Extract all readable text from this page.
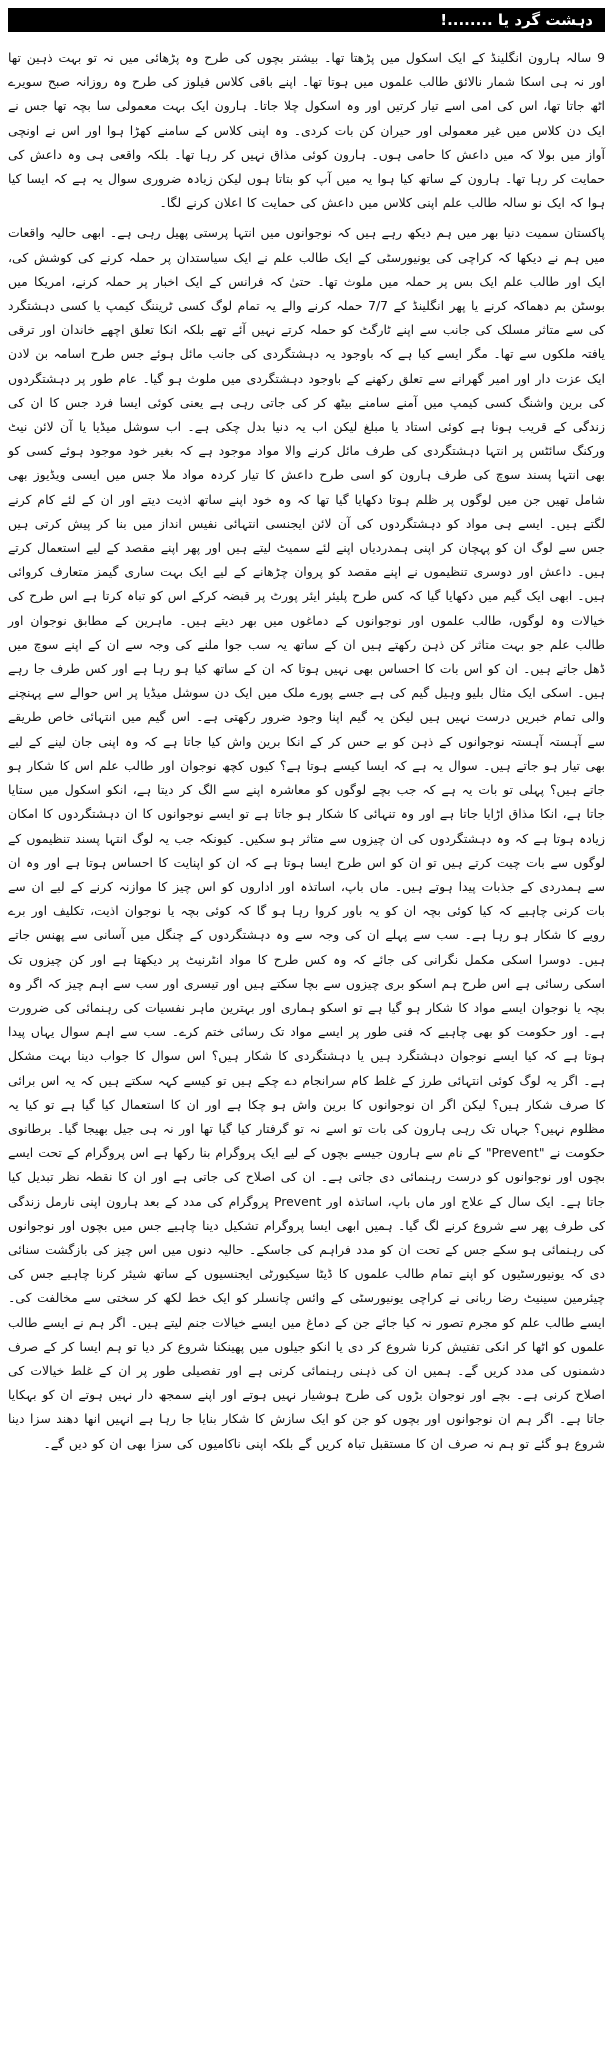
دہشت گرد یا ........!

9 سالہ ہارون انگلینڈ کے ایک اسکول میں پڑھتا تھا۔ بیشتر بچوں کی طرح وہ پڑھائی میں نہ تو بہت ذہین تھا اور نہ ہی اسکا شمار نالائق طالب علموں میں ہوتا تھا۔ اپنے باقی کلاس فیلوز کی طرح وہ روزانہ صبح سویرے اٹھ جاتا تھا، اس کی امی اسے تیار کرتیں اور وہ اسکول چلا جاتا۔ ہارون ایک بہت معمولی سا بچہ تھا جس نے ایک دن کلاس میں غیر معمولی اور حیران کن بات کردی۔ وہ اپنی کلاس کے سامنے کھڑا ہوا اور اس نے اونچی آواز میں بولا کہ میں داعش کا حامی ہوں۔ ہارون کوئی مذاق نہیں کر رہا تھا۔ بلکہ واقعی ہی وہ داعش کی حمایت کر رہا تھا۔ ہارون کے ساتھ کیا ہوا یہ میں آپ کو بتاتا ہوں لیکن زیادہ ضروری سوال یہ ہے کہ ایسا کیا ہوا کہ ایک نو سالہ طالب علم اپنی کلاس میں داعش کی حمایت کا اعلان کرنے لگا۔

پاکستان سمیت دنیا بھر میں ہم دیکھ رہے ہیں کہ نوجوانوں میں انتہا پرستی پھیل رہی ہے۔ ابھی حالیہ واقعات میں ہم نے دیکھا کہ کراچی کی یونیورسٹی کے ایک طالب علم نے ایک سیاستدان پر حملہ کرنے کی کوشش کی، ایک اور طالب علم ایک بس پر حملہ میں ملوث تھا۔ حتیٰ کہ فرانس کے ایک اخبار پر حملہ کرنے، امریکا میں بوسٹن بم دھماکہ کرنے یا پھر انگلینڈ کے 7/7 حملہ کرنے والے یہ تمام لوگ کسی ٹریننگ کیمپ یا کسی دہشتگرد کی سے متاثر مسلک کی جانب سے اپنے ٹارگٹ کو حملہ کرتے نہیں آئے تھے بلکہ انکا تعلق اچھے خاندان اور ترقی یافتہ ملکوں سے تھا۔ مگر ایسے کیا ہے کہ باوجود یہ دہشتگردی کی جانب مائل ہوئے جس طرح اسامہ بن لادن ایک عزت دار اور امیر گھرانے سے تعلق رکھنے کے باوجود دہشتگردی میں ملوث ہو گیا۔ عام طور پر دہشتگردوں کی برین واشنگ کسی کیمپ میں آمنے سامنے بیٹھ کر کی جاتی رہی ہے یعنی کوئی ایسا فرد جس کا ان کی زندگی کے قریب ہونا ہے کوئی استاد یا مبلغ لیکن اب یہ دنیا بدل چکی ہے۔ اب سوشل میڈیا یا آن لائن نیٹ ورکنگ سائٹس پر انتہا دہشتگردی کی طرف مائل کرنے والا مواد موجود ہے کہ بغیر خود موجود ہوئے کسی کو بھی انتہا پسند سوچ کی طرف ہارون کو اسی طرح داعش کا تیار کردہ مواد ملا جس میں ایسی ویڈیوز بھی شامل تھیں جن میں لوگوں پر ظلم ہوتا دکھایا گیا تھا کہ وہ خود اپنے ساتھ اذیت دیتے اور ان کے لئے کام کرنے لگتے ہیں۔ ایسے ہی مواد کو دہشتگردوں کی آن لائن ایجنسی انتہائی نفیس انداز میں بنا کر پیش کرتی ہیں جس سے لوگ ان کو پہچان کر اپنی ہمدردیاں اپنے لئے سمیٹ لیتے ہیں اور پھر اپنے مقصد کے لیے استعمال کرتے ہیں۔ داعش اور دوسری تنظیموں نے اپنے مقصد کو پروان چڑھانے کے لیے ایک بہت ساری گیمز متعارف کروائی ہیں۔ ابھی ایک گیم میں دکھایا گیا کہ کس طرح پلیئر ایئر پورٹ پر قبضہ کرکے اس کو تباہ کرتا ہے اس طرح کی خیالات وہ لوگوں، طالب علموں اور نوجوانوں کے دماغوں میں بھر دیتے ہیں۔ ماہرین کے مطابق نوجوان اور طالب علم جو بہت متاثر کن ذہن رکھتے ہیں ان کے ساتھ یہ سب جوا ملنے کی وجہ سے ان کے اپنے سوچ میں ڈھل جاتے ہیں۔ ان کو اس بات کا احساس بھی نہیں ہوتا کہ ان کے ساتھ کیا ہو رہا ہے اور کس طرف جا رہے ہیں۔ اسکی ایک مثال بلیو وہیل گیم کی ہے جسے پورے ملک میں ایک دن سوشل میڈیا پر اس حوالے سے پہنچنے والی تمام خبریں درست نہیں ہیں لیکن یہ گیم اپنا وجود ضرور رکھتی ہے۔ اس گیم میں انتہائی خاص طریقے سے آہستہ آہستہ نوجوانوں کے ذہن کو بے حس کر کے انکا برین واش کیا جاتا ہے کہ وہ اپنی جان لینے کے لیے بھی تیار ہو جاتے ہیں۔ سوال یہ ہے کہ ایسا کیسے ہوتا ہے؟ کیوں کچھ نوجوان اور طالب علم اس کا شکار ہو جاتے ہیں؟ پہلی تو بات یہ ہے کہ جب بچے لوگوں کو معاشرہ اپنے سے الگ کر دیتا ہے، انکو اسکول میں ستایا جاتا ہے، انکا مذاق اڑایا جاتا ہے اور وہ تنہائی کا شکار ہو جاتا ہے تو ایسے نوجوانوں کا ان دہشتگردوں کا امکان زیادہ ہوتا ہے کہ وہ دہشتگردوں کی ان چیزوں سے متاثر ہو سکیں۔ کیونکہ جب یہ لوگ انتہا پسند تنظیموں کے لوگوں سے بات چیت کرتے ہیں تو ان کو اس طرح ایسا ہوتا ہے کہ ان کو اپنایت کا احساس ہوتا ہے اور وہ ان سے ہمدردی کے جذبات پیدا ہوتے ہیں۔ ماں باپ، اساتذہ اور اداروں کو اس چیز کا موازنہ کرنے کے لیے ان سے بات کرنی چاہیے کہ کیا کوئی بچہ ان کو یہ باور کروا رہا ہو گا کہ کوئی بچہ یا نوجوان اذیت، تکلیف اور برے رویے کا شکار ہو رہا ہے۔ سب سے پہلے ان کی وجہ سے وہ دہشتگردوں کے چنگل میں آسانی سے پھنس جاتے ہیں۔ دوسرا اسکی مکمل نگرانی کی جائے کہ وہ کس طرح کا مواد انٹرنیٹ پر دیکھتا ہے اور کن چیزوں تک اسکی رسائی ہے اس طرح ہم اسکو بری چیزوں سے بچا سکتے ہیں اور تیسری اور سب سے اہم چیز کہ اگر وہ بچہ یا نوجوان ایسے مواد کا شکار ہو گیا ہے تو اسکو ہماری اور بہترین ماہر نفسیات کی رہنمائی کی ضرورت ہے۔ اور حکومت کو بھی چاہیے کہ فنی طور پر ایسے مواد تک رسائی ختم کرے۔ سب سے اہم سوال یہاں پیدا ہوتا ہے کہ کیا ایسے نوجوان دہشتگرد ہیں یا دہشتگردی کا شکار ہیں؟ اس سوال کا جواب دینا بہت مشکل ہے۔ اگر یہ لوگ کوئی انتہائی طرز کے غلط کام سرانجام دے چکے ہیں تو کیسے کہہ سکتے ہیں کہ یہ اس برائی کا صرف شکار ہیں؟ لیکن اگر ان نوجوانوں کا برین واش ہو چکا ہے اور ان کا استعمال کیا گیا ہے تو کیا یہ مظلوم نہیں؟ جہاں تک رہی ہارون کی بات تو اسے نہ تو گرفتار کیا گیا تھا اور نہ ہی جیل بھیجا گیا۔ برطانوی حکومت نے "Prevent" کے نام سے ہارون جیسے بچوں کے لیے ایک پروگرام بنا رکھا ہے اس پروگرام کے تحت ایسے بچوں اور نوجوانوں کو درست رہنمائی دی جاتی ہے۔ ان کی اصلاح کی جاتی ہے اور ان کا نقطہ نظر تبدیل کیا جاتا ہے۔ ایک سال کے علاج اور ماں باپ، اساتذہ اور Prevent پروگرام کی مدد کے بعد ہارون اپنی نارمل زندگی کی طرف پھر سے شروع کرنے لگ گیا۔ ہمیں ابھی ایسا پروگرام تشکیل دینا چاہیے جس میں بچوں اور نوجوانوں کی رہنمائی ہو سکے جس کے تحت ان کو مدد فراہم کی جاسکے۔ حالیہ دنوں میں اس چیز کی بازگشت سنائی دی کہ یونیورسٹیوں کو اپنے تمام طالب علموں کا ڈیٹا سیکیورٹی ایجنسیوں کے ساتھ شیئر کرنا چاہیے جس کی چیئرمین سینیٹ رضا ربانی نے کراچی یونیورسٹی کے وائس چانسلر کو ایک خط لکھ کر سختی سے مخالفت کی۔ ایسے طالب علم کو مجرم تصور نہ کیا جائے جن کے دماغ میں ایسے خیالات جنم لیتے ہیں۔ اگر ہم نے ایسے طالب علموں کو اٹھا کر انکی تفتیش کرنا شروع کر دی یا انکو جیلوں میں پھینکنا شروع کر دیا تو ہم ایسا کر کے صرف دشمنوں کی مدد کریں گے۔ ہمیں ان کی ذہنی رہنمائی کرنی ہے اور تفصیلی طور پر ان کے غلط خیالات کی اصلاح کرنی ہے۔ بچے اور نوجوان بڑوں کی طرح ہوشیار نہیں ہوتے اور اپنے سمجھ دار نہیں ہوتے ان کو بہکایا جاتا ہے۔ اگر ہم ان نوجوانوں اور بچوں کو جن کو ایک سازش کا شکار بنایا جا رہا ہے انہیں انھا دھند سزا دینا شروع ہو گئے تو ہم نہ صرف ان کا مستقبل تباہ کریں گے بلکہ اپنی ناکامیوں کی سزا بھی ان کو دیں گے۔
